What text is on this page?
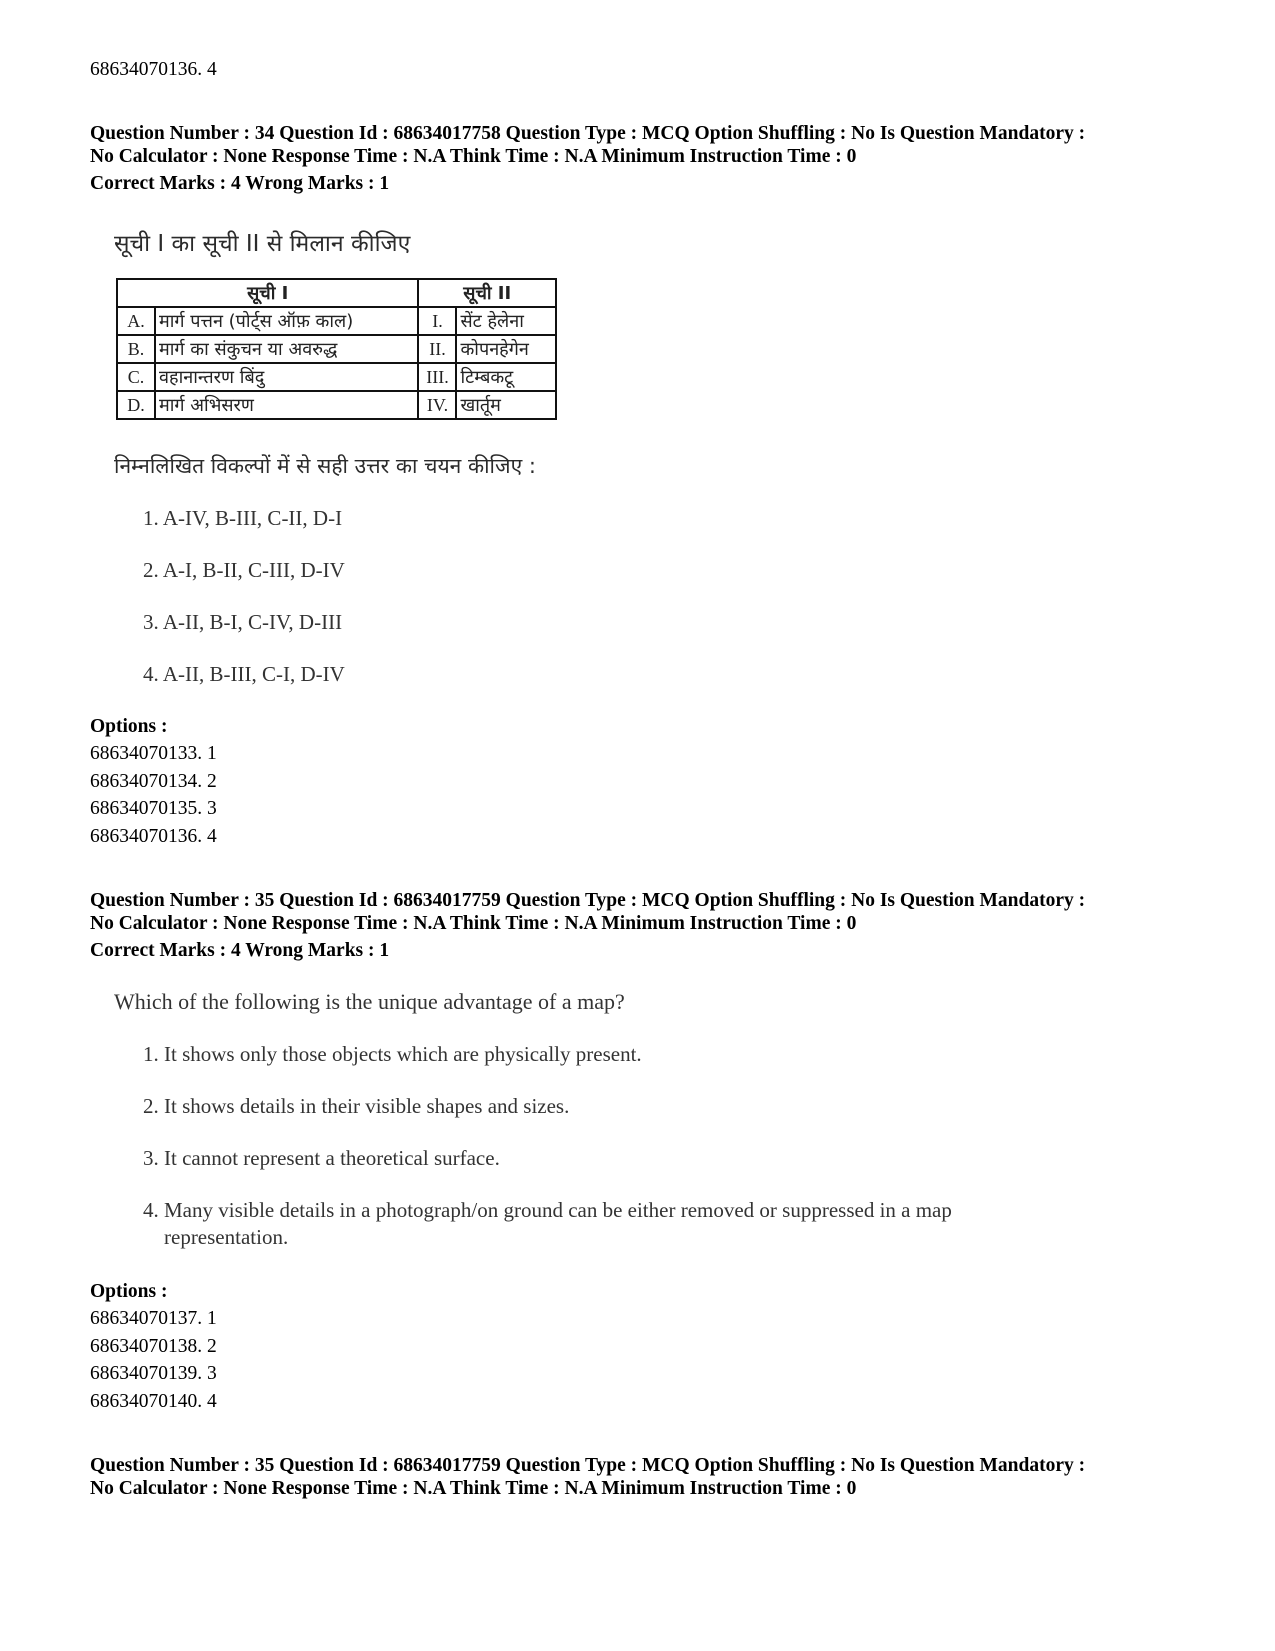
68634070136. 4
Question Number : 34 Question Id : 68634017758 Question Type : MCQ Option Shuffling : No Is Question Mandatory :
No Calculator : None Response Time : N.A Think Time : N.A Minimum Instruction Time : 0
Correct Marks : 4 Wrong Marks : 1
सूची I का सूची II से मिलान कीजिए
सूची I		सूची II	
A.	मार्ग पत्तन (पोर्ट्स ऑफ़ काल)	I.	सेंट हेलेना
B.	मार्ग का संकुचन या अवरुद्ध	II.	कोपनहेगेन
C.	वहानान्तरण बिंदु	III.	टिम्बकटू
D.	मार्ग अभिसरण	IV.	खार्तूम
निम्नलिखित विकल्पों में से सही उत्तर का चयन कीजिए :
1. A-IV, B-III, C-II, D-I
2. A-I, B-II, C-III, D-IV
3. A-II, B-I, C-IV, D-III
4. A-II, B-III, C-I, D-IV
Options :
68634070133. 1
68634070134. 2
68634070135. 3
68634070136. 4
Question Number : 35 Question Id : 68634017759 Question Type : MCQ Option Shuffling : No Is Question Mandatory :
No Calculator : None Response Time : N.A Think Time : N.A Minimum Instruction Time : 0
Correct Marks : 4 Wrong Marks : 1
Which of the following is the unique advantage of a map?
1. It shows only those objects which are physically present.
2. It shows details in their visible shapes and sizes.
3. It cannot represent a theoretical surface.
4. Many visible details in a photograph/on ground can be either removed or suppressed in a map
representation.
Options :
68634070137. 1
68634070138. 2
68634070139. 3
68634070140. 4
Question Number : 35 Question Id : 68634017759 Question Type : MCQ Option Shuffling : No Is Question Mandatory :
No Calculator : None Response Time : N.A Think Time : N.A Minimum Instruction Time : 0
